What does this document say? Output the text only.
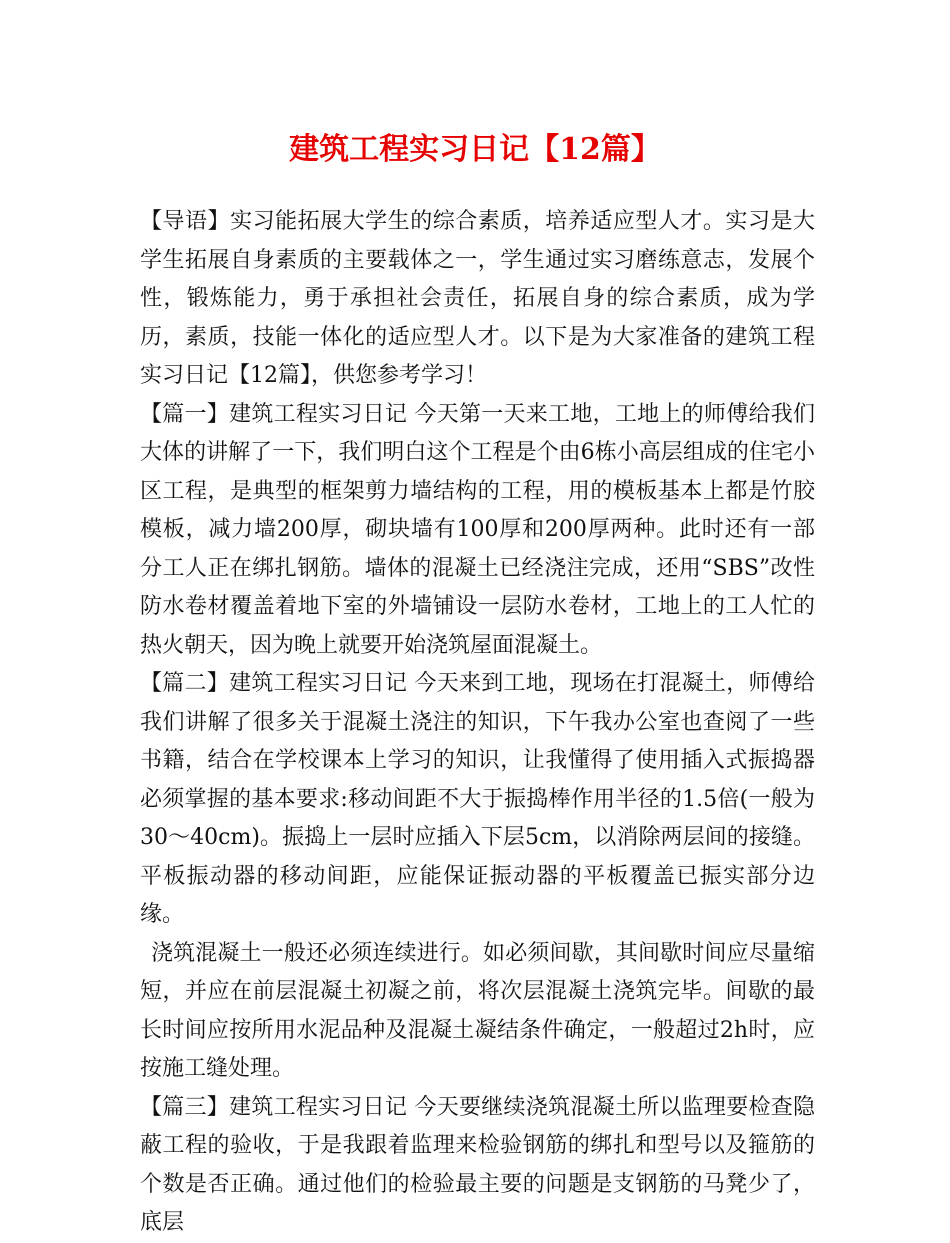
建筑工程实习日记【12篇】

【导语】实习能拓展大学生的综合素质，培养适应型人才。实习是大学生拓展自身素质的主要载体之一，学生通过实习磨练意志，发展个性，锻炼能力，勇于承担社会责任，拓展自身的综合素质，成为学历，素质，技能一体化的适应型人才。以下是为大家准备的建筑工程实习日记【12篇】，供您参考学习！

【篇一】建筑工程实习日记 今天第一天来工地，工地上的师傅给我们大体的讲解了一下，我们明白这个工程是个由6栋小高层组成的住宅小区工程，是典型的框架剪力墙结构的工程，用的模板基本上都是竹胶模板，减力墙200厚，砌块墙有100厚和200厚两种。此时还有一部分工人正在绑扎钢筋。墙体的混凝土已经浇注完成，还用“SBS”改性防水卷材覆盖着地下室的外墙铺设一层防水卷材，工地上的工人忙的热火朝天，因为晚上就要开始浇筑屋面混凝土。

【篇二】建筑工程实习日记 今天来到工地，现场在打混凝土，师傅给我们讲解了很多关于混凝土浇注的知识，下午我办公室也查阅了一些书籍，结合在学校课本上学习的知识，让我懂得了使用插入式振捣器必须掌握的基本要求:移动间距不大于振捣棒作用半径的1.5倍(一般为30～40cm)。振捣上一层时应插入下层5cm，以消除两层间的接缝。平板振动器的移动间距，应能保证振动器的平板覆盖已振实部分边缘。

浇筑混凝土一般还必须连续进行。如必须间歇，其间歇时间应尽量缩短，并应在前层混凝土初凝之前，将次层混凝土浇筑完毕。间歇的最长时间应按所用水泥品种及混凝土凝结条件确定，一般超过2h时，应按施工缝处理。

【篇三】建筑工程实习日记 今天要继续浇筑混凝土所以监理要检查隐蔽工程的验收，于是我跟着监理来检验钢筋的绑扎和型号以及箍筋的个数是否正确。通过他们的检验最主要的问题是支钢筋的马凳少了，底层
